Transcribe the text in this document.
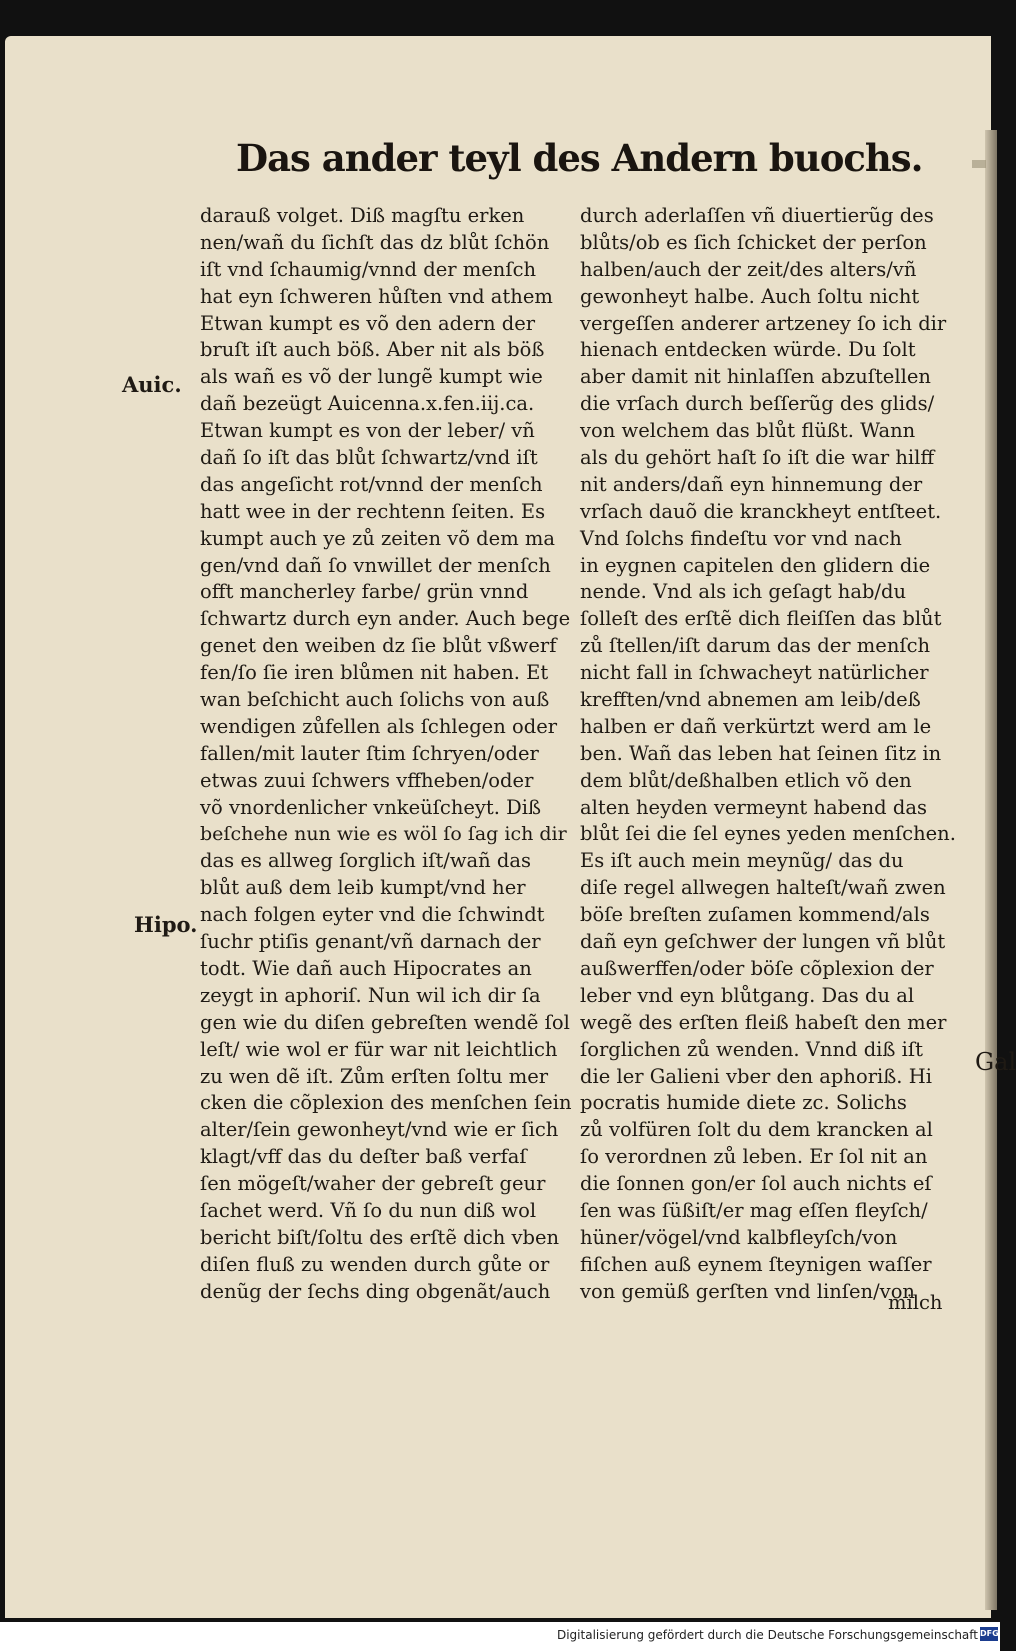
Das ander teyl des Andern buochs.
darauß volget. Diß magſtu erken
nen/wañ du ſichſt das dz blůt ſchön
iſt vnd ſchaumig/vnnd der menſch
hat eyn ſchweren hůſten vnd athem
Etwan kumpt es võ den adern der
bruſt iſt auch böß. Aber nit als böß
als wañ es võ der lungẽ kumpt wie
dañ bezeügt Auicenna.x.fen.iij.ca.
Etwan kumpt es von der leber/ vñ
dañ ſo iſt das blůt ſchwartz/vnd iſt
das angeſicht rot/vnnd der menſch
hatt wee in der rechtenn ſeiten. Es
kumpt auch ye zů zeiten võ dem ma
gen/vnd dañ ſo vnwillet der menſch
offt mancherley farbe/ grün vnnd
ſchwartz durch eyn ander. Auch bege
genet den weiben dz ſie blůt vßwerf
fen/ſo ſie iren blůmen nit haben. Et
wan beſchicht auch ſolichs von auß
wendigen zůfellen als ſchlegen oder
fallen/mit lauter ſtim ſchryen/oder
etwas zuui ſchwers vffheben/oder
võ vnordenlicher vnkeüſcheyt. Diß
beſchehe nun wie es wöl ſo ſag ich dir
das es allweg ſorglich iſt/wañ das
blůt auß dem leib kumpt/vnd her
nach folgen eyter vnd die ſchwindt
ſuchr ptiſis genant/vñ darnach der
todt. Wie dañ auch Hipocrates an
zeygt in aphoriſ. Nun wil ich dir ſa
gen wie du diſen gebreſten wendẽ ſol
leſt/ wie wol er für war nit leichtlich
zu wen dẽ iſt. Zům erſten ſoltu mer
cken die cõplexion des menſchen ſein
alter/ſein gewonheyt/vnd wie er ſich
klagt/vff das du deſter baß verfaſ
ſen mögeſt/waher der gebreſt geur
ſachet werd. Vñ ſo du nun diß wol
bericht biſt/ſoltu des erſtẽ dich vben
diſen fluß zu wenden durch gůte or
denũg der ſechs ding obgenãt/auch
durch aderlaſſen vñ diuertierũg des
blůts/ob es ſich ſchicket der perſon
halben/auch der zeit/des alters/vñ
gewonheyt halbe. Auch ſoltu nicht
vergeſſen anderer artzeney ſo ich dir
hienach entdecken würde. Du ſolt
aber damit nit hinlaſſen abzuſtellen
die vrſach durch beſſerũg des glids/
von welchem das blůt flüßt. Wann
als du gehört haſt ſo iſt die war hilff
nit anders/dañ eyn hinnemung der
vrſach dauõ die kranckheyt entſteet.
Vnd ſolchs findeſtu vor vnd nach
in eygnen capitelen den glidern die
nende. Vnd als ich geſagt hab/du
ſolleſt des erſtẽ dich fleiſſen das blůt
zů ſtellen/iſt darum das der menſch
nicht fall in ſchwacheyt natürlicher
krefften/vnd abnemen am leib/deß
halben er dañ verkürtzt werd am le
ben. Wañ das leben hat ſeinen ſitz in
dem blůt/deßhalben etlich võ den
alten heyden vermeynt habend das
blůt ſei die ſel eynes yeden menſchen.
Es iſt auch mein meynũg/ das du
diſe regel allwegen halteſt/wañ zwen
böſe breſten zuſamen kommend/als
dañ eyn geſchwer der lungen vñ blůt
außwerffen/oder böſe cõplexion der
leber vnd eyn blůtgang. Das du al
wegẽ des erſten fleiß habeſt den mer
ſorglichen zů wenden. Vnnd diß iſt
die ler Galieni vber den aphoriß. Hi
pocratis humide diete zc. Solichs
zů volfüren ſolt du dem krancken al
ſo verordnen zů leben. Er ſol nit an
die ſonnen gon/er ſol auch nichts eſ
ſen was ſüßiſt/er mag eſſen fleyſch/
hüner/vögel/vnd kalbfleyſch/von
fiſchen auß eynem ſteynigen waſſer
von gemüß gerſten vnd linſen/von
Auic.
Hipo.
Gal
milch
Digitalisierung gefördert durch die Deutsche Forschungsgemeinschaft DFG
